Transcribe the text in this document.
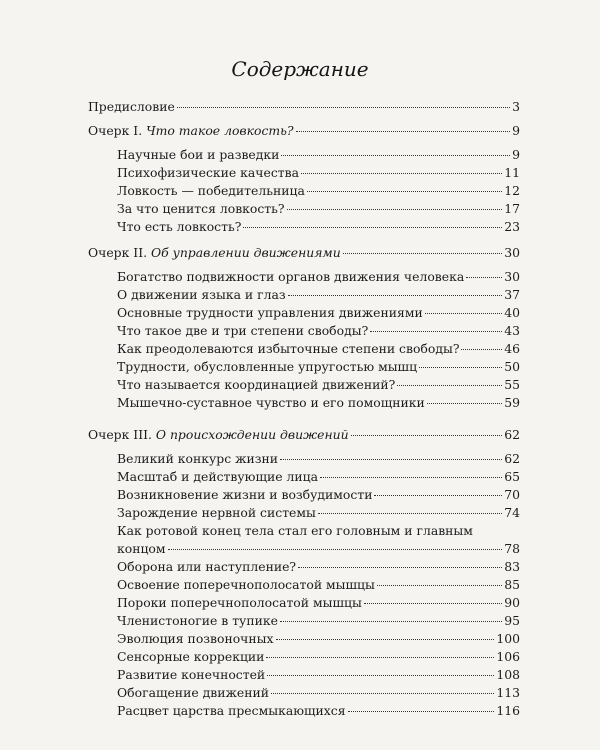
Содержание
Предисловие	3
Очерк I. Что такое ловкость?	9
Научные бои и разведки	9
Психофизические качества	11
Ловкость — победительница	12
За что ценится ловкость?	17
Что есть ловкость?	23
Очерк II. Об управлении движениями	30
Богатство подвижности органов движения человека	30
О движении языка и глаз	37
Основные трудности управления движениями	40
Что такое две и три степени свободы?	43
Как преодолеваются избыточные степени свободы?	46
Трудности, обусловленные упругостью мышц	50
Что называется координацией движений?	55
Мышечно-суставное чувство и его помощники	59
Очерк III. О происхождении движений	62
Великий конкурс жизни	62
Масштаб и действующие лица	65
Возникновение жизни и возбудимости	70
Зарождение нервной системы	74
Как ротовой конец тела стал его головным и главным
концом	78
Оборона или наступление?	83
Освоение поперечнополосатой мышцы	85
Пороки поперечнополосатой мышцы	90
Членистоногие в тупике	95
Эволюция позвоночных	100
Сенсорные коррекции	106
Развитие конечностей	108
Обогащение движений	113
Расцвет царства пресмыкающихся	116
